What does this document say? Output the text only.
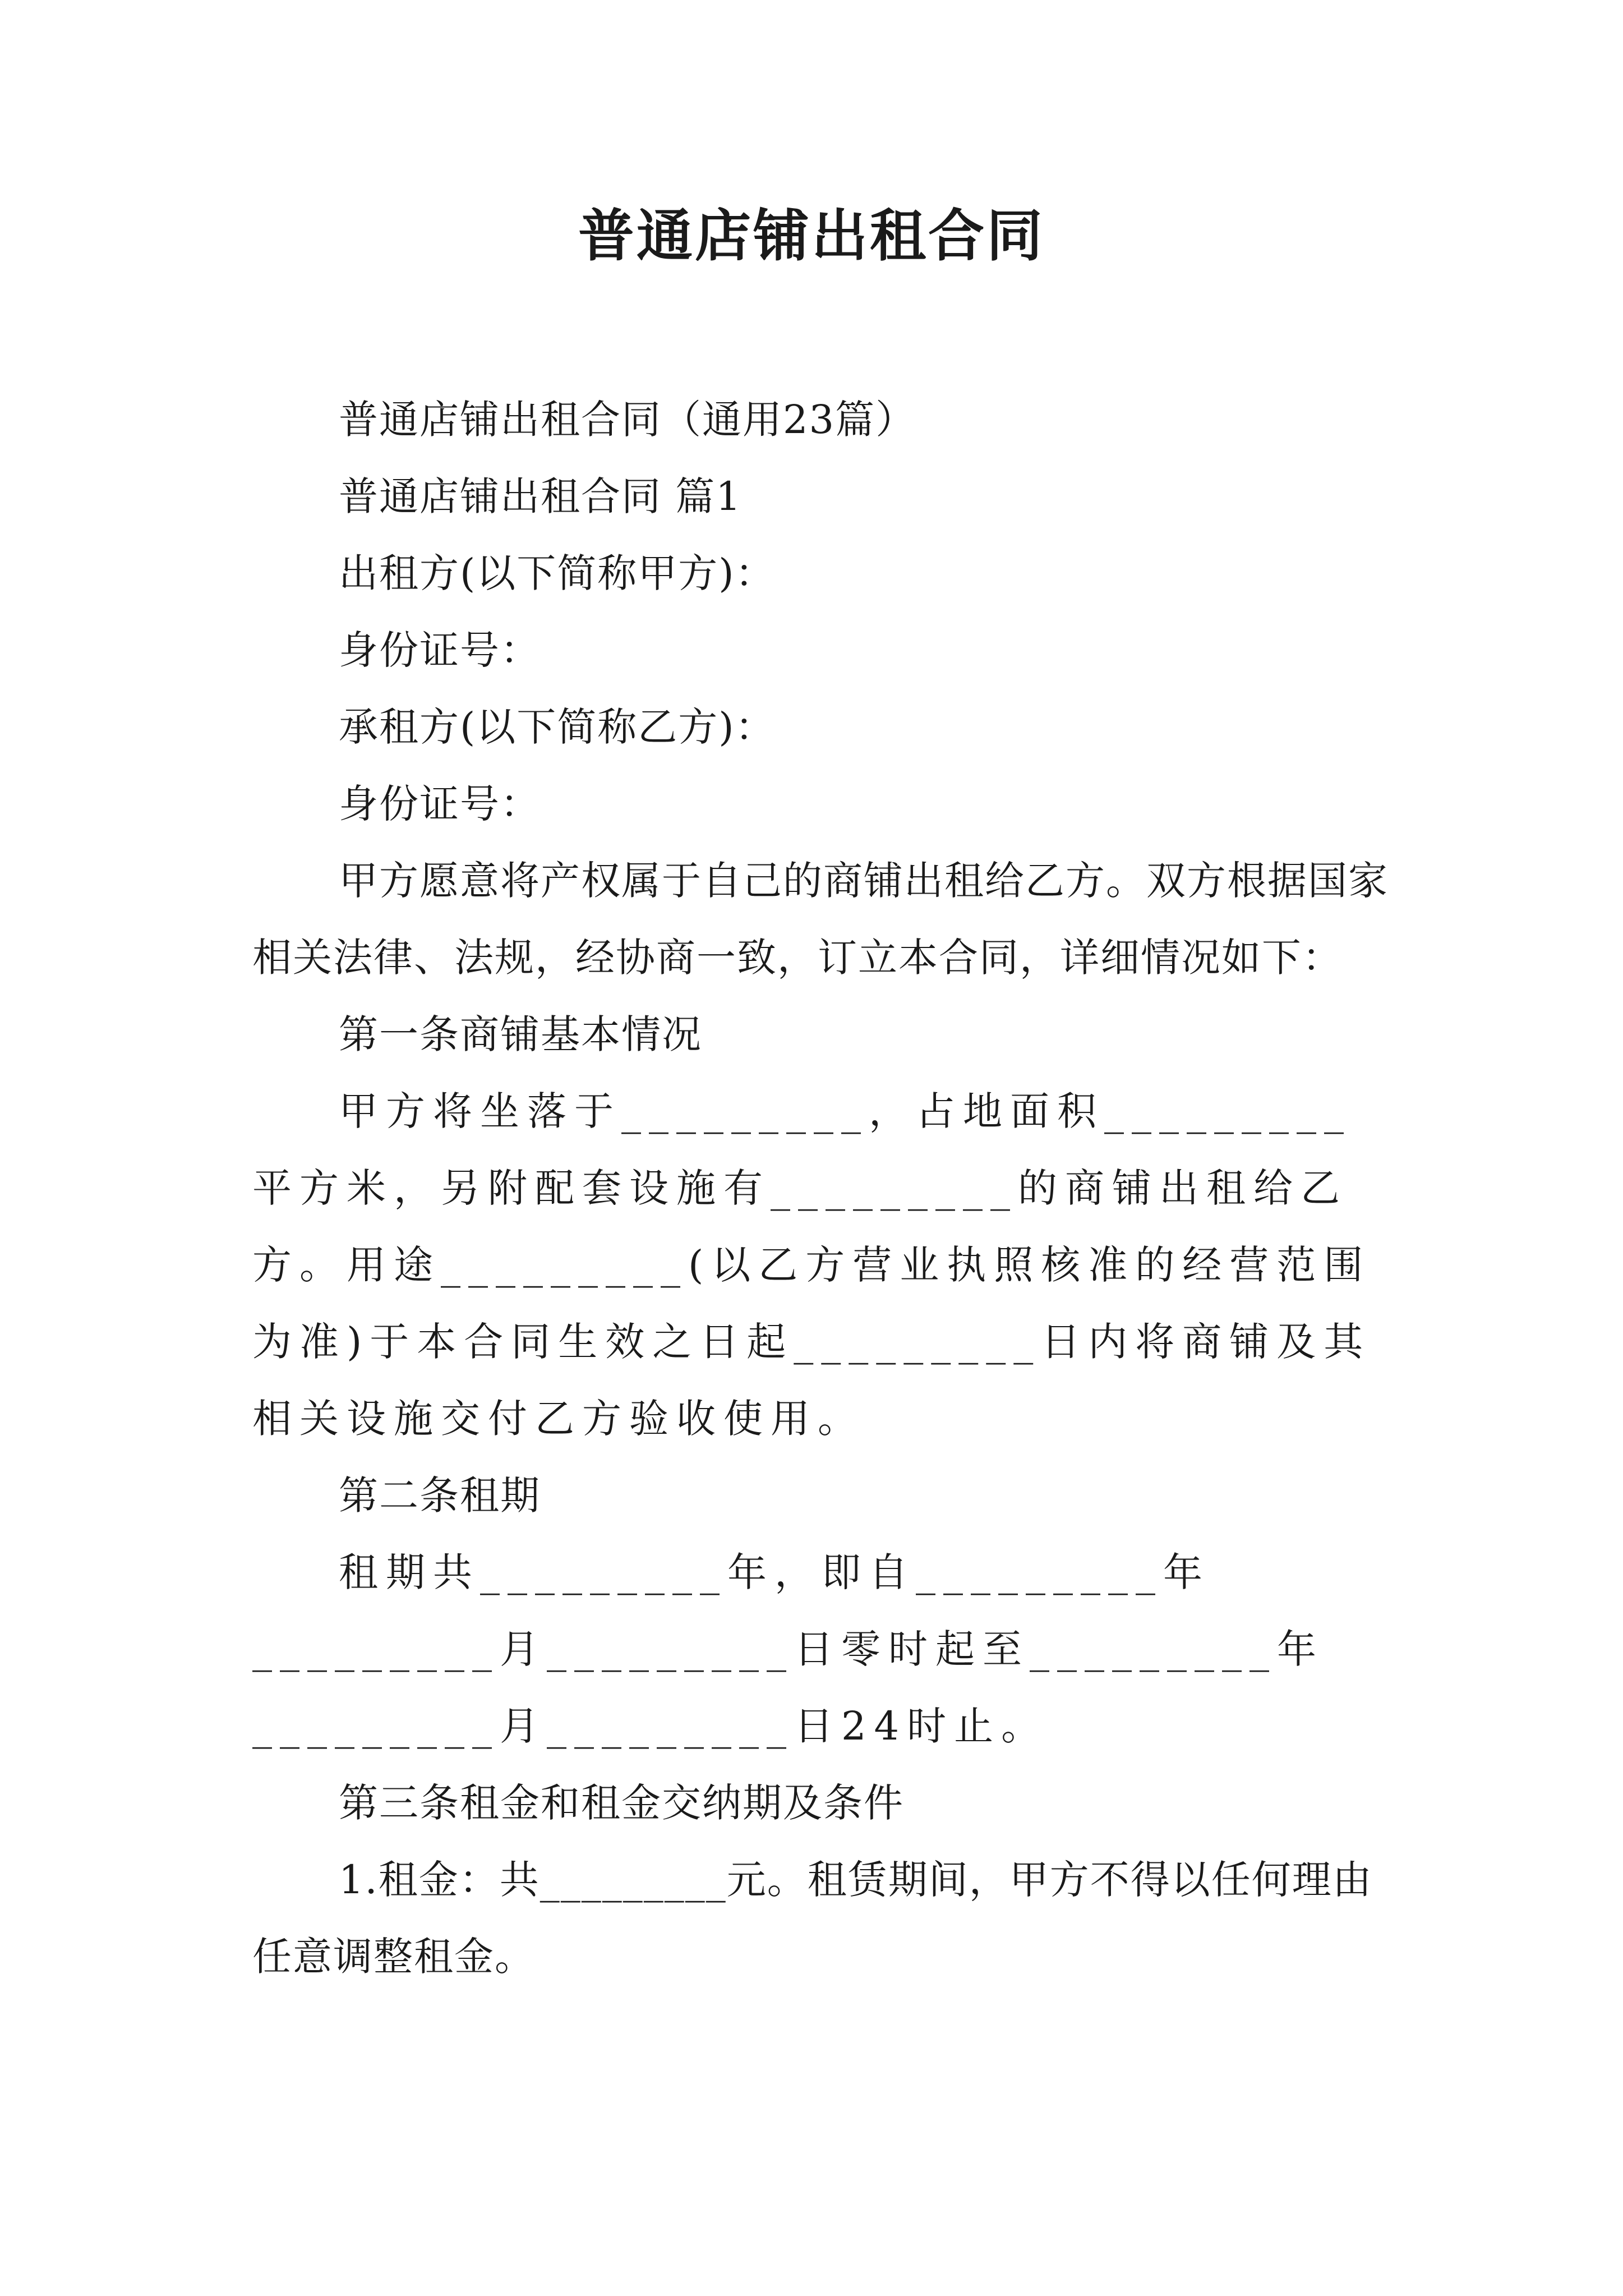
普通店铺出租合同

普通店铺出租合同（通用23篇）

普通店铺出租合同 篇1

出租方(以下简称甲方)：

身份证号：

承租方(以下简称乙方)：

身份证号：

甲方愿意将产权属于自己的商铺出租给乙方。双方根据国家相关法律、法规，经协商一致，订立本合同，详细情况如下：

第一条商铺基本情况

甲方将坐落于_________，占地面积_________平方米，另附配套设施有_________的商铺出租给乙方。用途_________(以乙方营业执照核准的经营范围为准)于本合同生效之日起_________日内将商铺及其相关设施交付乙方验收使用。

第二条租期

租期共_________年，即自_________年_________月_________日零时起至_________年_________月_________日24时止。

第三条租金和租金交纳期及条件

1.租金：共_________元。租赁期间，甲方不得以任何理由任意调整租金。
